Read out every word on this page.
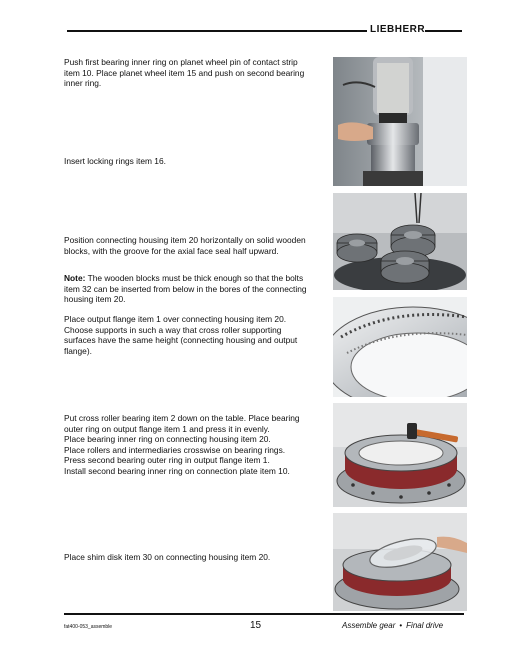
LIEBHERR
Push first bearing inner ring on planet wheel pin of contact strip item 10. Place planet wheel item 15 and push on second bearing inner ring.
Insert locking rings item 16.
Position connecting housing item 20 horizontally on solid wooden blocks, with the groove for the axial face seal half upward.
Note: The wooden blocks must be thick enough so that the bolts item 32 can be inserted from below in the bores of the connecting housing item 20.
Place output flange item 1 over connecting housing item 20. Choose supports in such a way that cross roller supporting surfaces have the same height (connecting housing and output flange).
Put cross roller bearing item 2 down on the table. Place bearing outer ring on output flange item 1 and press it in evenly.
Place bearing inner ring on connecting housing item 20.
Place rollers and intermediaries crosswise on bearing rings.
Press second bearing outer ring in output flange item 1.
Install second bearing inner ring on connection plate item 10.
Place shim disk item 30 on connecting housing item 20.
fat400-053_assemble	15	Assemble gear • Final drive
